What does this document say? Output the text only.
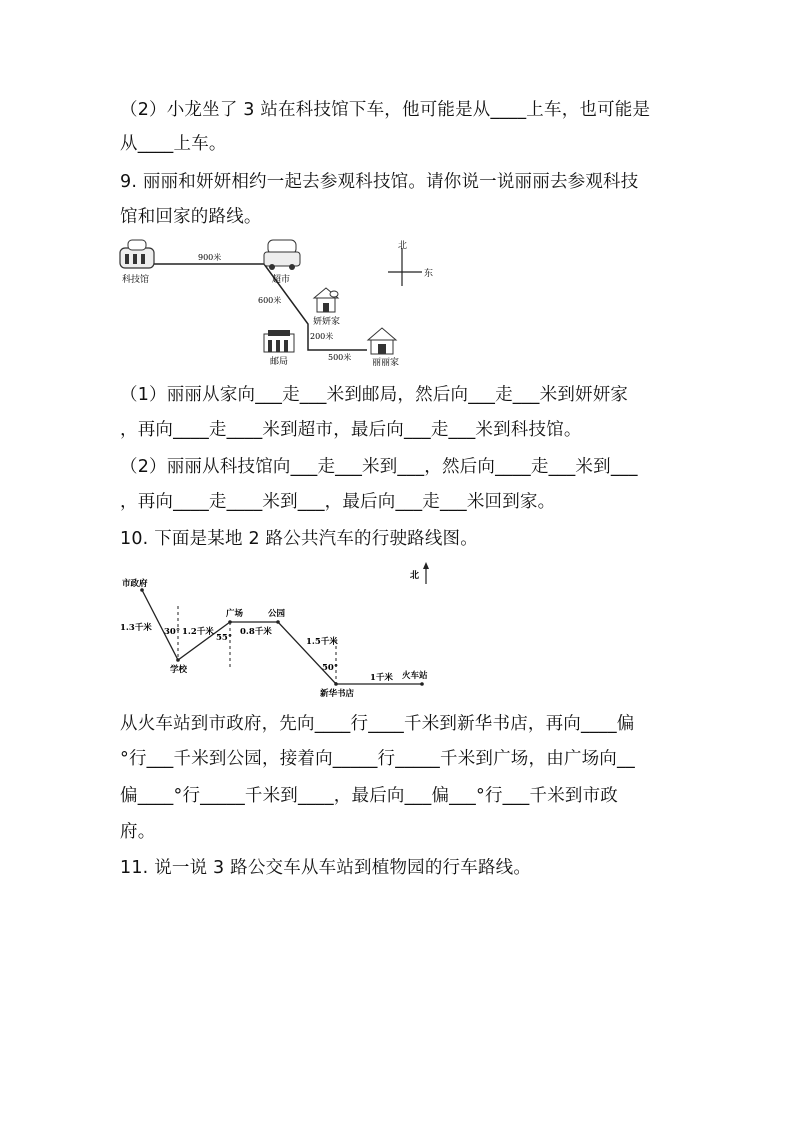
（2）小龙坐了 3 站在科技馆下车，他可能是从____上车，也可能是
从____上车。
9. 丽丽和妍妍相约一起去参观科技馆。请你说一说丽丽去参观科技
馆和回家的路线。
科技馆
900米
超市
600米
妍妍家
200米
邮局	500米
丽丽家
北
东
（1）丽丽从家向___走___米到邮局，然后向___走___米到妍妍家
，再向____走____米到超市，最后向___走___米到科技馆。
（2）丽丽从科技馆向___走___米到___，然后向____走___米到___
，再向____走____米到___，最后向___走___米回到家。
10. 下面是某地 2 路公共汽车的行驶路线图。
市政府
1.3千米 30° 1.2千米
学校
55°
广场
0.8千米
公园
1.5千米
50°
新华书店
1千米 火车站
北
从火车站到市政府，先向____行____千米到新华书店，再向____偏
°行___千米到公园，接着向_____行_____千米到广场，由广场向__
偏____°行_____千米到____，最后向___偏___°行___千米到市政
府。
11. 说一说 3 路公交车从车站到植物园的行车路线。
